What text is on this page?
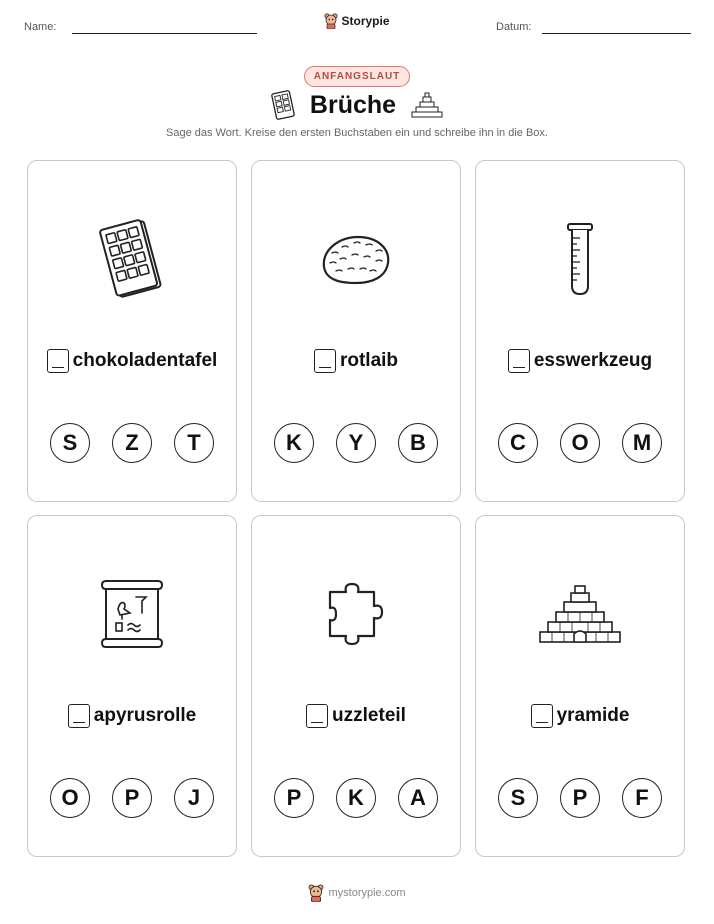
Name:	Storypie	Datum:
ANFANGSLAUT
Brüche
Sage das Wort. Kreise den ersten Buchstaben ein und schreibe ihn in die Box.
chokoladentafel
S	Z	T
rotlaib
K	Y	B
esswerkzeug
C	O	M
apyrusrolle
O	P	J
uzzleteil
P	K	A
yramide
S	P	F
mystorypie.com
